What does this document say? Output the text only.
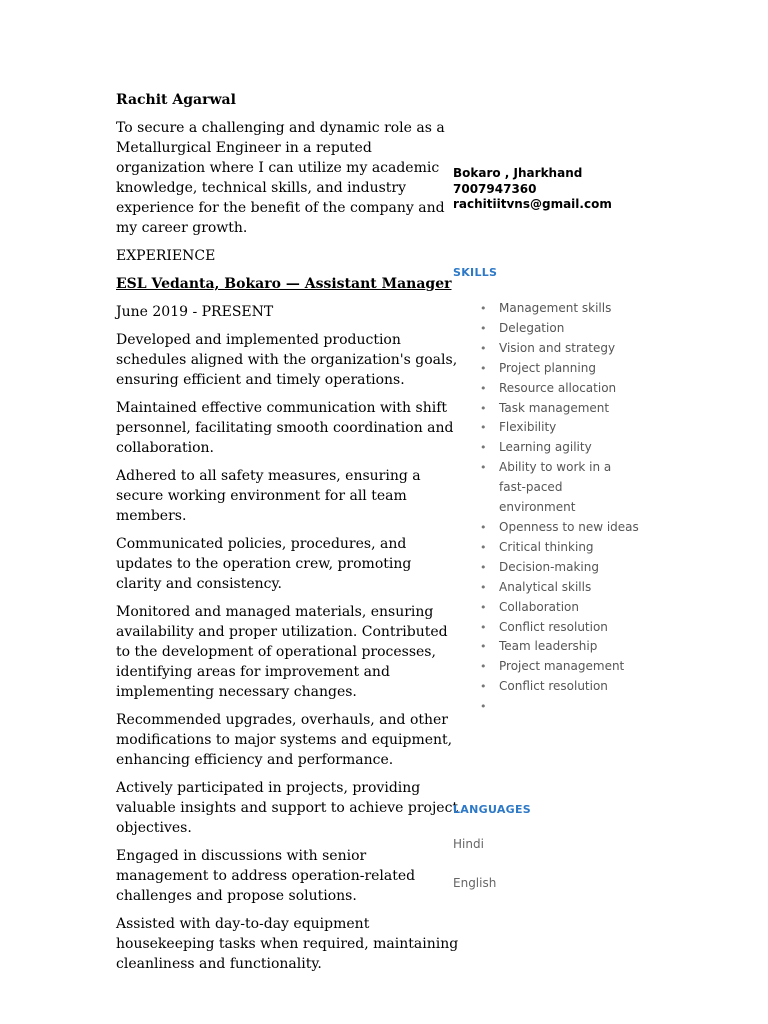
Rachit Agarwal

To secure a challenging and dynamic role as a Metallurgical Engineer in a reputed organization where I can utilize my academic knowledge, technical skills, and industry experience for the benefit of the company and my career growth.

EXPERIENCE

ESL Vedanta, Bokaro — Assistant Manager

June 2019 - PRESENT

Developed and implemented production schedules aligned with the organization's goals, ensuring efficient and timely operations.

Maintained effective communication with shift personnel, facilitating smooth coordination and collaboration.

Adhered to all safety measures, ensuring a secure working environment for all team members.

Communicated policies, procedures, and updates to the operation crew, promoting clarity and consistency.

Monitored and managed materials, ensuring availability and proper utilization. Contributed to the development of operational processes, identifying areas for improvement and implementing necessary changes.

Recommended upgrades, overhauls, and other modifications to major systems and equipment, enhancing efficiency and performance.

Actively participated in projects, providing valuable insights and support to achieve project objectives.

Engaged in discussions with senior management to address operation-related challenges and propose solutions.

Assisted with day-to-day equipment housekeeping tasks when required, maintaining cleanliness and functionality.

Bokaro , Jharkhand
7007947360
rachitiitvns@gmail.com
SKILLS
• Management skills
• Delegation
• Vision and strategy
• Project planning
• Resource allocation
• Task management
• Flexibility
• Learning agility
• Ability to work in a fast-paced environment
• Openness to new ideas
• Critical thinking
• Decision-making
• Analytical skills
• Collaboration
• Conflict resolution
• Team leadership
• Project management
• Conflict resolution
•
LANGUAGES
Hindi
English
